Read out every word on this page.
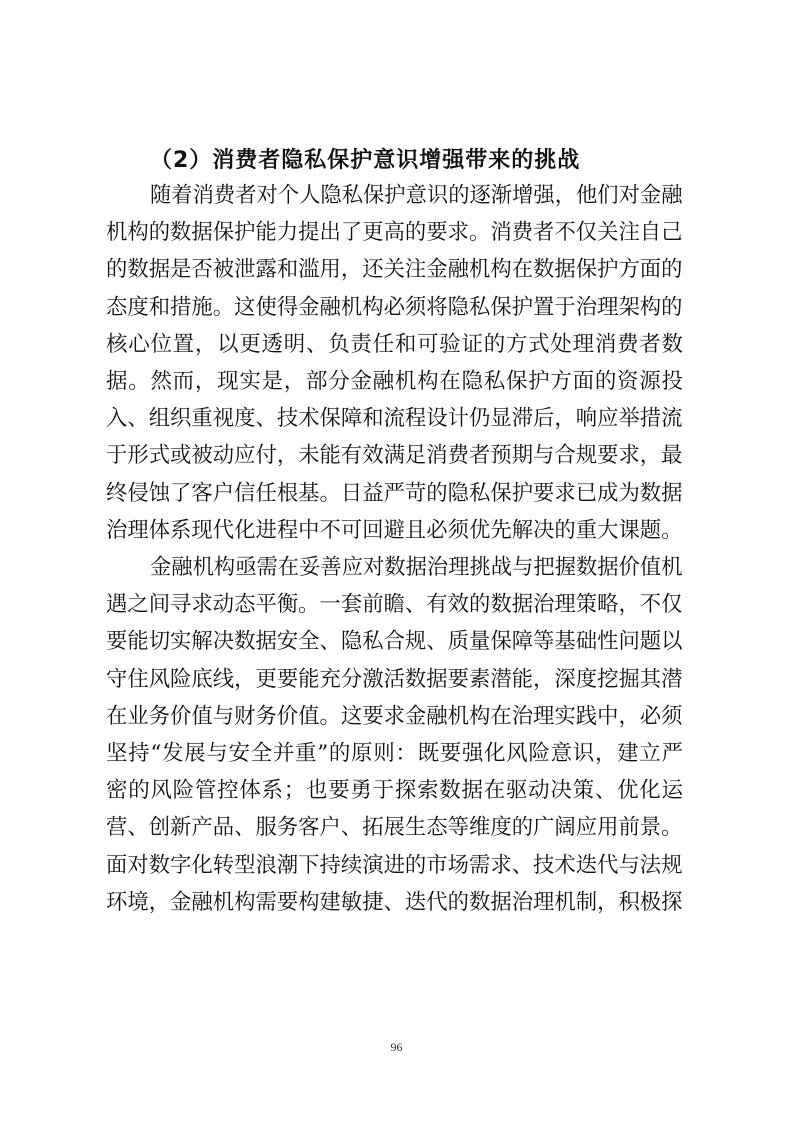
（2）消费者隐私保护意识增强带来的挑战
随着消费者对个人隐私保护意识的逐渐增强，他们对金融
机构的数据保护能力提出了更高的要求。消费者不仅关注自己
的数据是否被泄露和滥用，还关注金融机构在数据保护方面的
态度和措施。这使得金融机构必须将隐私保护置于治理架构的
核心位置，以更透明、负责任和可验证的方式处理消费者数
据。然而，现实是，部分金融机构在隐私保护方面的资源投
入、组织重视度、技术保障和流程设计仍显滞后，响应举措流
于形式或被动应付，未能有效满足消费者预期与合规要求，最
终侵蚀了客户信任根基。日益严苛的隐私保护要求已成为数据
治理体系现代化进程中不可回避且必须优先解决的重大课题。
金融机构亟需在妥善应对数据治理挑战与把握数据价值机
遇之间寻求动态平衡。一套前瞻、有效的数据治理策略，不仅
要能切实解决数据安全、隐私合规、质量保障等基础性问题以
守住风险底线，更要能充分激活数据要素潜能，深度挖掘其潜
在业务价值与财务价值。这要求金融机构在治理实践中，必须
坚持“发展与安全并重”的原则：既要强化风险意识，建立严
密的风险管控体系；也要勇于探索数据在驱动决策、优化运
营、创新产品、服务客户、拓展生态等维度的广阔应用前景。
面对数字化转型浪潮下持续演进的市场需求、技术迭代与法规
环境，金融机构需要构建敏捷、迭代的数据治理机制，积极探
96
